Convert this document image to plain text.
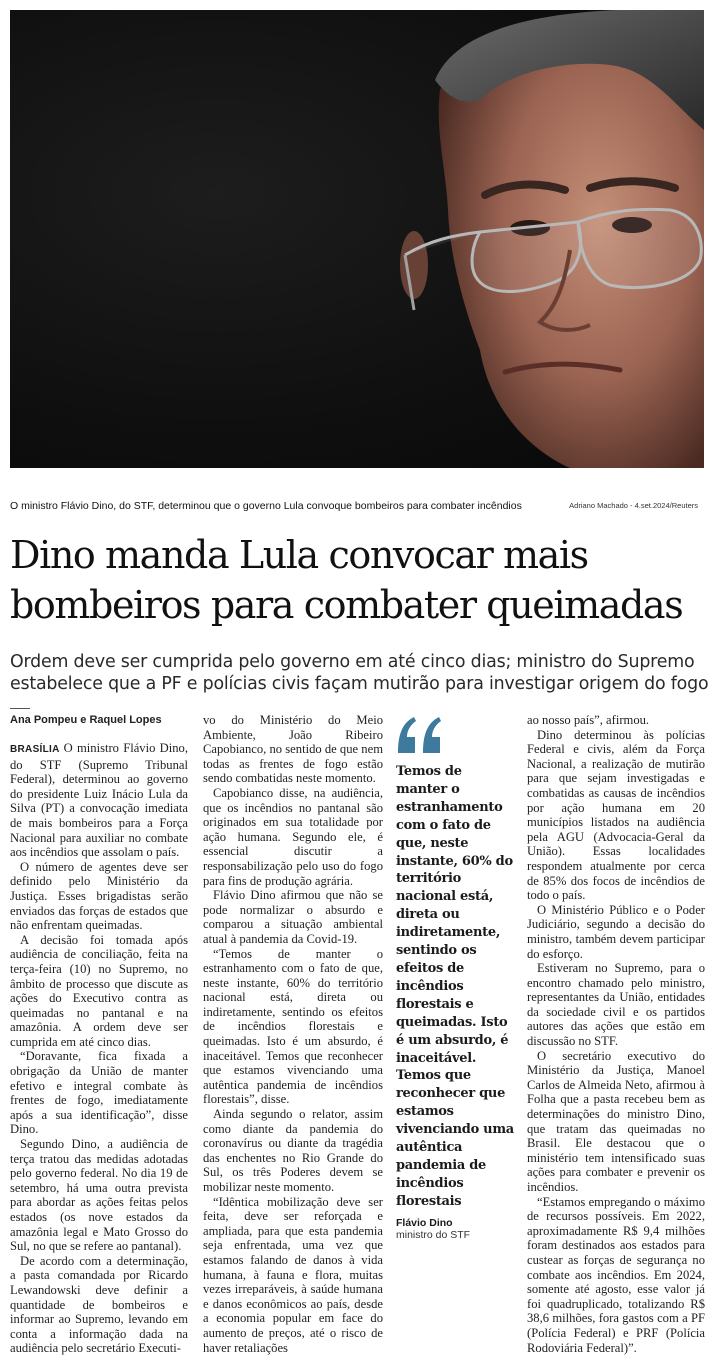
O ministro Flávio Dino, do STF, determinou que o governo Lula convoque bombeiros para combater incêndios	Adriano Machado - 4.set.2024/Reuters
Dino manda Lula convocar mais bombeiros para combater queimadas
Ordem deve ser cumprida pelo governo em até cinco dias; ministro do Supremo estabelece que a PF e polícias civis façam mutirão para investigar origem do fogo
Ana Pompeu e Raquel Lopes

BRASÍLIA O ministro Flávio Dino, do STF (Supremo Tribunal Federal), determinou ao governo do presidente Luiz Inácio Lula da Silva (PT) a convocação imediata de mais bombeiros para a Força Nacional para auxiliar no combate aos incêndios que assolam o país.

O número de agentes deve ser definido pelo Ministério da Justiça. Esses brigadistas serão enviados das forças de estados que não enfrentam queimadas.

A decisão foi tomada após audiência de conciliação, feita na terça-feira (10) no Supremo, no âmbito de processo que discute as ações do Executivo contra as queimadas no pantanal e na amazônia. A ordem deve ser cumprida em até cinco dias.

“Doravante, fica fixada a obrigação da União de manter efetivo e integral combate às frentes de fogo, imediatamente após a sua identificação”, disse Dino.

Segundo Dino, a audiência de terça tratou das medidas adotadas pelo governo federal. No dia 19 de setembro, há uma outra prevista para abordar as ações feitas pelos estados (os nove estados da amazônia legal e Mato Grosso do Sul, no que se refere ao pantanal).

De acordo com a determinação, a pasta comandada por Ricardo Lewandowski deve definir a quantidade de bombeiros e informar ao Supremo, levando em conta a informação dada na audiência pelo secretário Executi-

vo do Ministério do Meio Ambiente, João Ribeiro Capobianco, no sentido de que nem todas as frentes de fogo estão sendo combatidas neste momento.

Capobianco disse, na audiência, que os incêndios no pantanal são originados em sua totalidade por ação humana. Segundo ele, é essencial discutir a responsabilização pelo uso do fogo para fins de produção agrária.

Flávio Dino afirmou que não se pode normalizar o absurdo e comparou a situação ambiental atual à pandemia da Covid-19.

“Temos de manter o estranhamento com o fato de que, neste instante, 60% do território nacional está, direta ou indiretamente, sentindo os efeitos de incêndios florestais e queimadas. Isto é um absurdo, é inaceitável. Temos que reconhecer que estamos vivenciando uma autêntica pandemia de incêndios florestais”, disse.

Ainda segundo o relator, assim como diante da pandemia do coronavírus ou diante da tragédia das enchentes no Rio Grande do Sul, os três Poderes devem se mobilizar neste momento.

“Idêntica mobilização deve ser feita, deve ser reforçada e ampliada, para que esta pandemia seja enfrentada, uma vez que estamos falando de danos à vida humana, à fauna e flora, muitas vezes irreparáveis, à saúde humana e danos econômicos ao país, desde a economia popular em face do aumento de preços, até o risco de haver retaliações

Temos de manter o estranhamento com o fato de que, neste instante, 60% do território nacional está, direta ou indiretamente, sentindo os efeitos de incêndios florestais e queimadas. Isto é um absurdo, é inaceitável. Temos que reconhecer que estamos vivenciando uma autêntica pandemia de incêndios florestais
Flávio Dino
ministro do STF

ao nosso país”, afirmou.

Dino determinou às polícias Federal e civis, além da Força Nacional, a realização de mutirão para que sejam investigadas e combatidas as causas de incêndios por ação humana em 20 municípios listados na audiência pela AGU (Advocacia-Geral da União). Essas localidades respondem atualmente por cerca de 85% dos focos de incêndios de todo o país.

O Ministério Público e o Poder Judiciário, segundo a decisão do ministro, também devem participar do esforço.

Estiveram no Supremo, para o encontro chamado pelo ministro, representantes da União, entidades da sociedade civil e os partidos autores das ações que estão em discussão no STF.

O secretário executivo do Ministério da Justiça, Manoel Carlos de Almeida Neto, afirmou à Folha que a pasta recebeu bem as determinações do ministro Dino, que tratam das queimadas no Brasil. Ele destacou que o ministério tem intensificado suas ações para combater e prevenir os incêndios.

“Estamos empregando o máximo de recursos possíveis. Em 2022, aproximadamente R$ 9,4 milhões foram destinados aos estados para custear as forças de segurança no combate aos incêndios. Em 2024, somente até agosto, esse valor já foi quadruplicado, totalizando R$ 38,6 milhões, fora gastos com a PF (Polícia Federal) e PRF (Polícia Rodoviária Federal)”.
